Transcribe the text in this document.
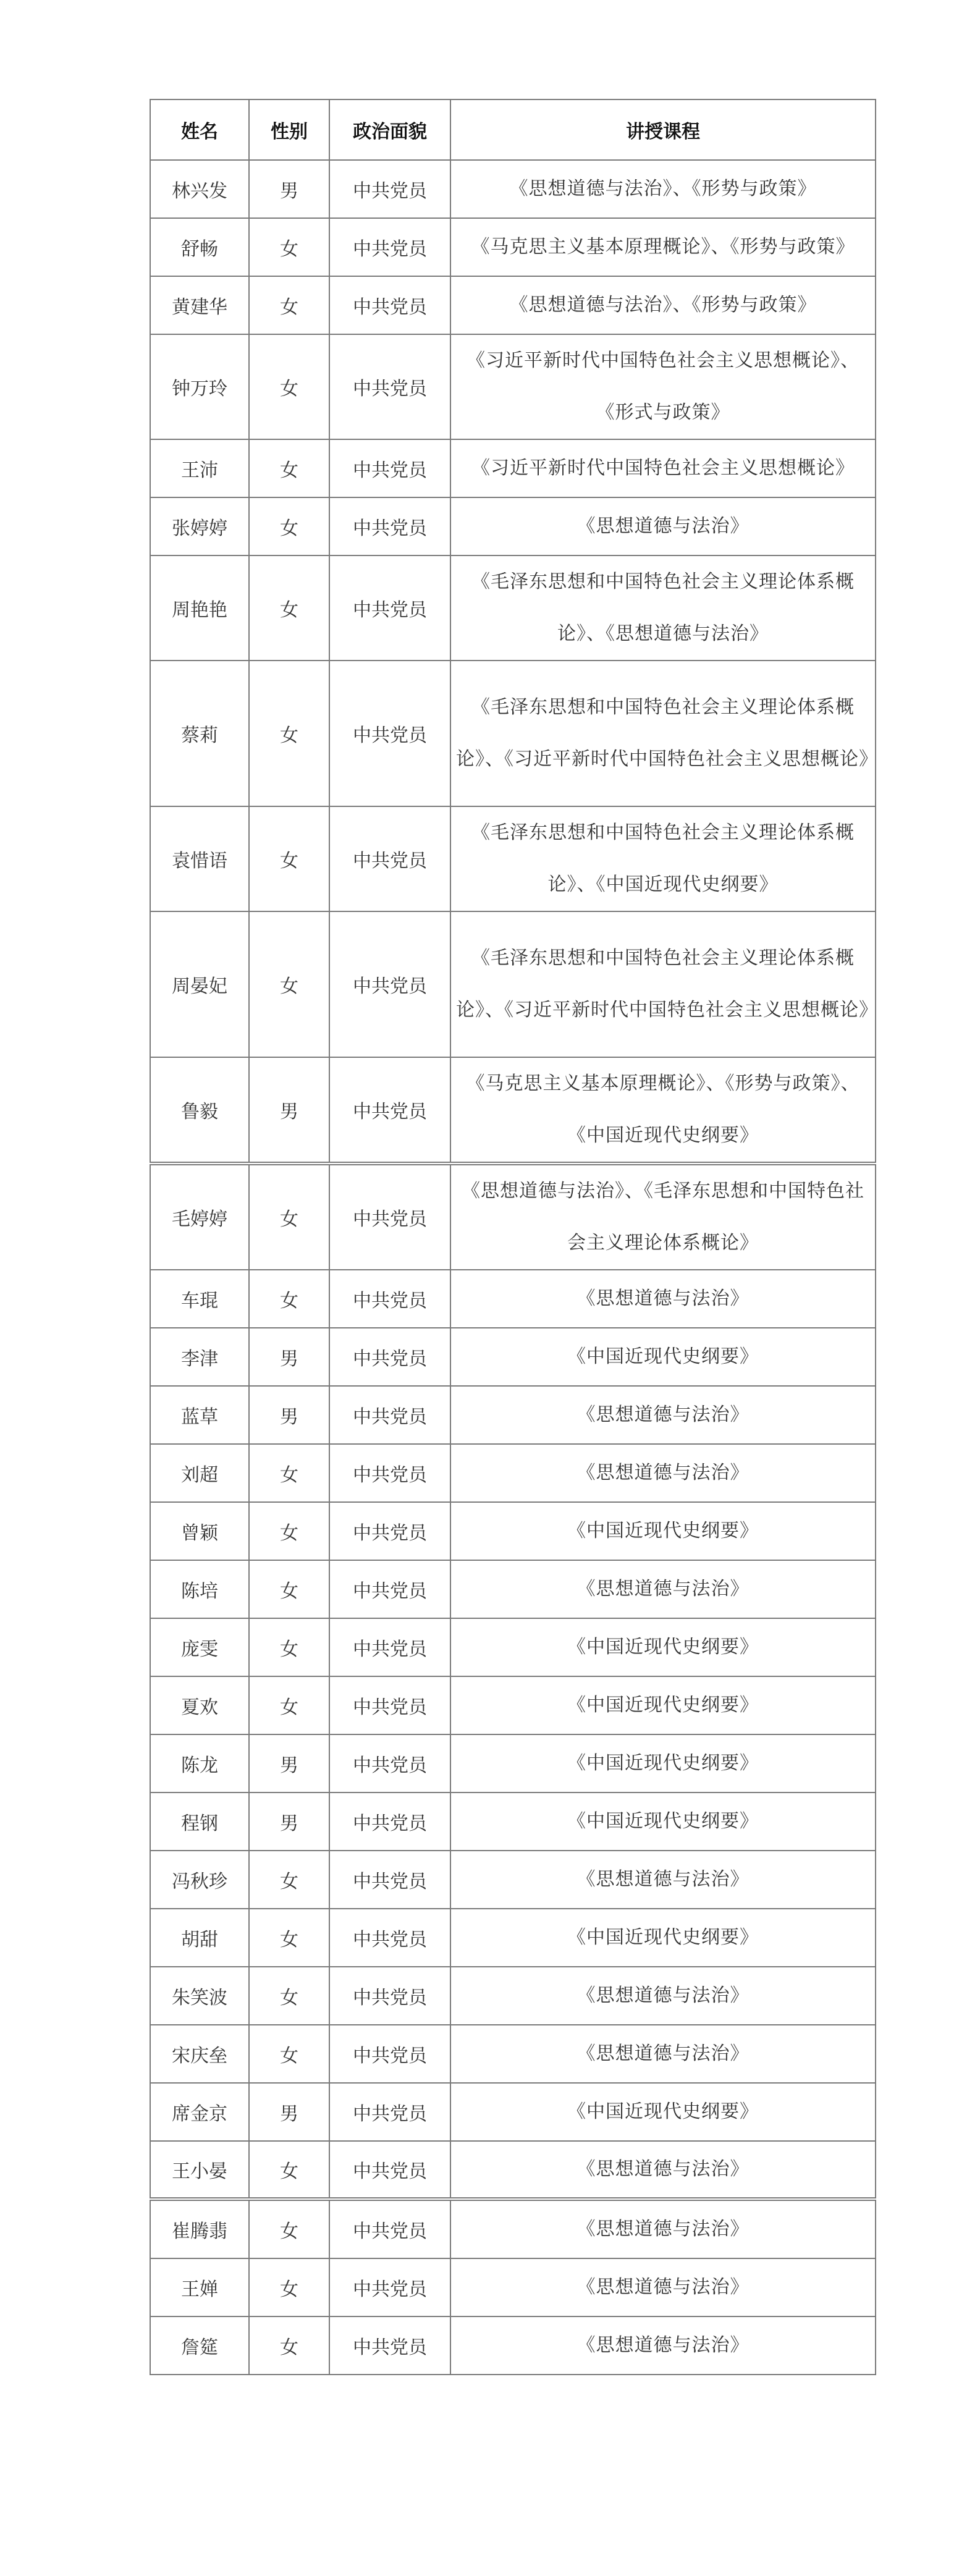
姓名	性别	政治面貌	讲授课程
林兴发	男	中共党员	《思想道德与法治》、《形势与政策》
舒畅	女	中共党员	《马克思主义基本原理概论》、《形势与政策》
黄建华	女	中共党员	《思想道德与法治》、《形势与政策》
钟万玲	女	中共党员	《习近平新时代中国特色社会主义思想概论》、《形式与政策》
王沛	女	中共党员	《习近平新时代中国特色社会主义思想概论》
张婷婷	女	中共党员	《思想道德与法治》
周艳艳	女	中共党员	《毛泽东思想和中国特色社会主义理论体系概论》、《思想道德与法治》
蔡莉	女	中共党员	《毛泽东思想和中国特色社会主义理论体系概论》、《习近平新时代中国特色社会主义思想概论》
袁惜语	女	中共党员	《毛泽东思想和中国特色社会主义理论体系概论》、《中国近现代史纲要》
周晏妃	女	中共党员	《毛泽东思想和中国特色社会主义理论体系概论》、《习近平新时代中国特色社会主义思想概论》
鲁毅	男	中共党员	《马克思主义基本原理概论》、《形势与政策》、《中国近现代史纲要》
毛婷婷	女	中共党员	《思想道德与法治》、《毛泽东思想和中国特色社会主义理论体系概论》
车琨	女	中共党员	《思想道德与法治》
李津	男	中共党员	《中国近现代史纲要》
蓝草	男	中共党员	《思想道德与法治》
刘超	女	中共党员	《思想道德与法治》
曾颖	女	中共党员	《中国近现代史纲要》
陈培	女	中共党员	《思想道德与法治》
庞雯	女	中共党员	《中国近现代史纲要》
夏欢	女	中共党员	《中国近现代史纲要》
陈龙	男	中共党员	《中国近现代史纲要》
程钢	男	中共党员	《中国近现代史纲要》
冯秋珍	女	中共党员	《思想道德与法治》
胡甜	女	中共党员	《中国近现代史纲要》
朱笑波	女	中共党员	《思想道德与法治》
宋庆垒	女	中共党员	《思想道德与法治》
席金京	男	中共党员	《中国近现代史纲要》
王小晏	女	中共党员	《思想道德与法治》
崔腾翡	女	中共党员	《思想道德与法治》
王婵	女	中共党员	《思想道德与法治》
詹筵	女	中共党员	《思想道德与法治》
